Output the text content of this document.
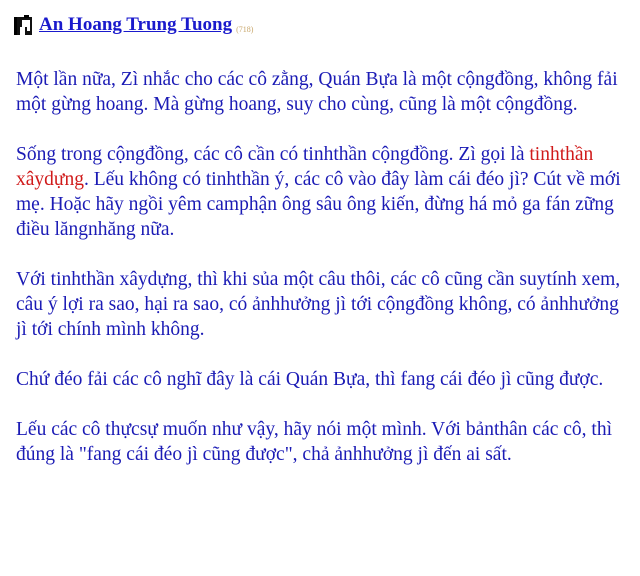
An Hoang Trung Tuong (718)

Một lần nữa, Zì nhắc cho các cô zằng, Quán Bựa là một cộngđồng, không fải một gừng hoang. Mà gừng hoang, suy cho cùng, cũng là một cộngđồng.

Sống trong cộngđồng, các cô cần có tinhthần cộngđồng. Zì gọi là tinhthần xâydựng. Lếu không có tinhthần ý, các cô vào đây làm cái đéo jì? Cút về mới mẹ. Hoặc hãy ngồi yêm camphận ông sâu ông kiến, đừng há mỏ ga fán zững điều lăngnhăng nữa.

Với tinhthần xâydựng, thì khi sủa một câu thôi, các cô cũng cần suytính xem, câu ý lợi ra sao, hại ra sao, có ảnhhưởng jì tới cộngđồng không, có ảnhhưởng jì tới chính mình không.

Chứ đéo fải các cô nghĩ đây là cái Quán Bựa, thì fang cái đéo jì cũng được.

Lếu các cô thựcsự muốn như vậy, hãy nói một mình. Với bảnthân các cô, thì đúng là "fang cái đéo jì cũng được", chả ảnhhưởng jì đến ai sất.
